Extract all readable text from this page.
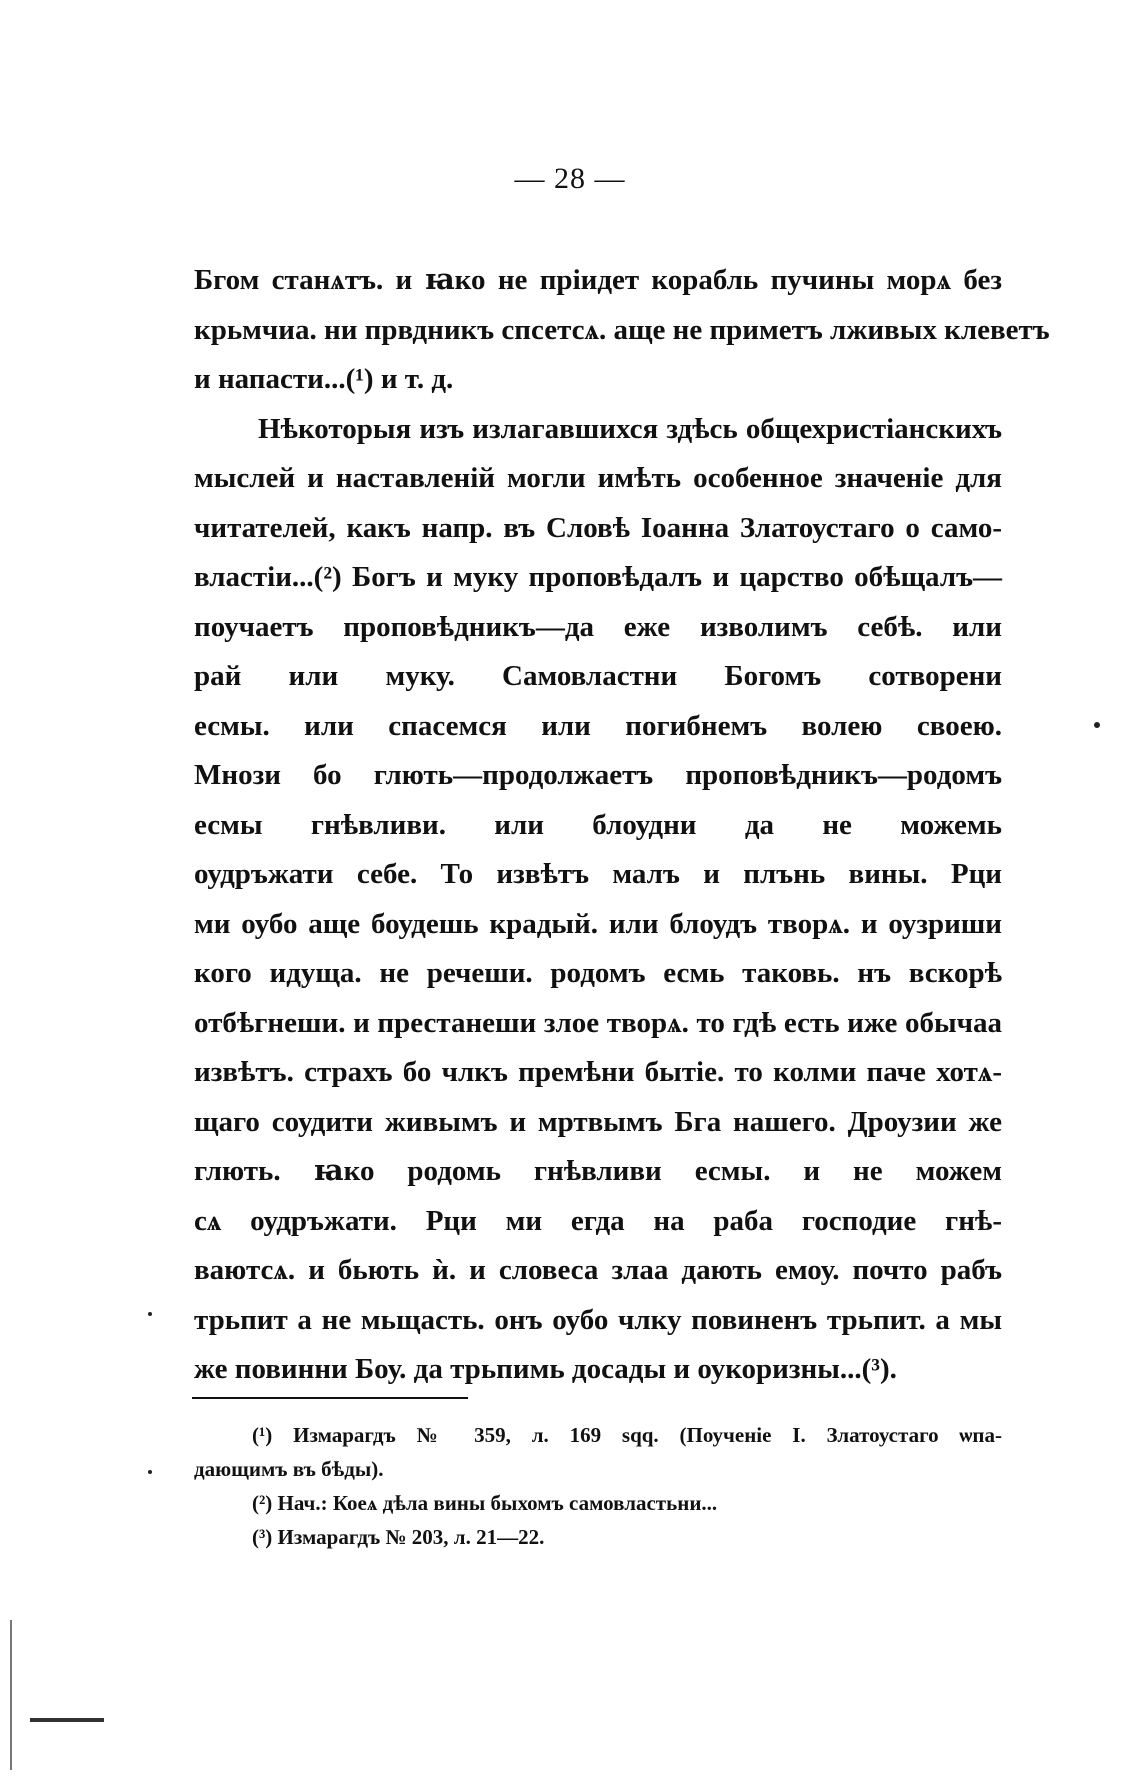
— 28 —
Бгом станѧтъ. и ꙗко не пріидет корабль пучины морѧ без
крьмчиа. ни првдникъ спсетсѧ. аще не приметъ лживых клеветъ
и напасти...(¹) и т. д.
Нѣкоторыя изъ излагавшихся здѣсь общехристіанскихъ
мыслей и наставленій могли имѣть особенное значеніе для
читателей, какъ напр. въ Словѣ Іоанна Златоустаго о само-
властіи...(²) Богъ и муку проповѣдалъ и царство обѣщалъ—
поучаетъ проповѣдникъ—да еже изволимъ себѣ. или
рай или муку. Самовластни Богомъ сотворени
есмы. или спасемся или погибнемъ волею своею.
Мнози бо глють—продолжаетъ проповѣдникъ—родомъ
есмы гнѣвливи. или блоудни да не можемь
оудръжати себе. То извѣтъ малъ и плънь вины. Рци
ми оубо аще боудешь крадый. или блоудъ творѧ. и оузриши
кого идуща. не речеши. родомъ есмь таковь. нъ вскорѣ
отбѣгнеши. и престанеши злое творѧ. то гдѣ есть иже обычаа
извѣтъ. страхъ бо члкъ премѣни бытіе. то колми паче хотѧ-
щаго соудити живымъ и мртвымъ Бга нашего. Дроузии же
глють. ꙗко родомь гнѣвливи есмы. и не можем
сѧ оудръжати. Рци ми егда на раба господие гнѣ-
ваютсѧ. и бьють ѝ. и словеса злаа дають емоу. почто рабъ
трьпит а не мьщасть. онъ оубо члку повиненъ трьпит. а мы
же повинни Боу. да трьпимь досады и оукоризны...(³).
(¹) Измарагдъ № 359, л. 169 sqq. (Поученіе І. Златоустаго ѡпа-
дающимъ въ бѣды).
(²) Нач.: Коеѧ дѣла вины быхомъ самовластьни...
(³) Измарагдъ № 203, л. 21—22.
